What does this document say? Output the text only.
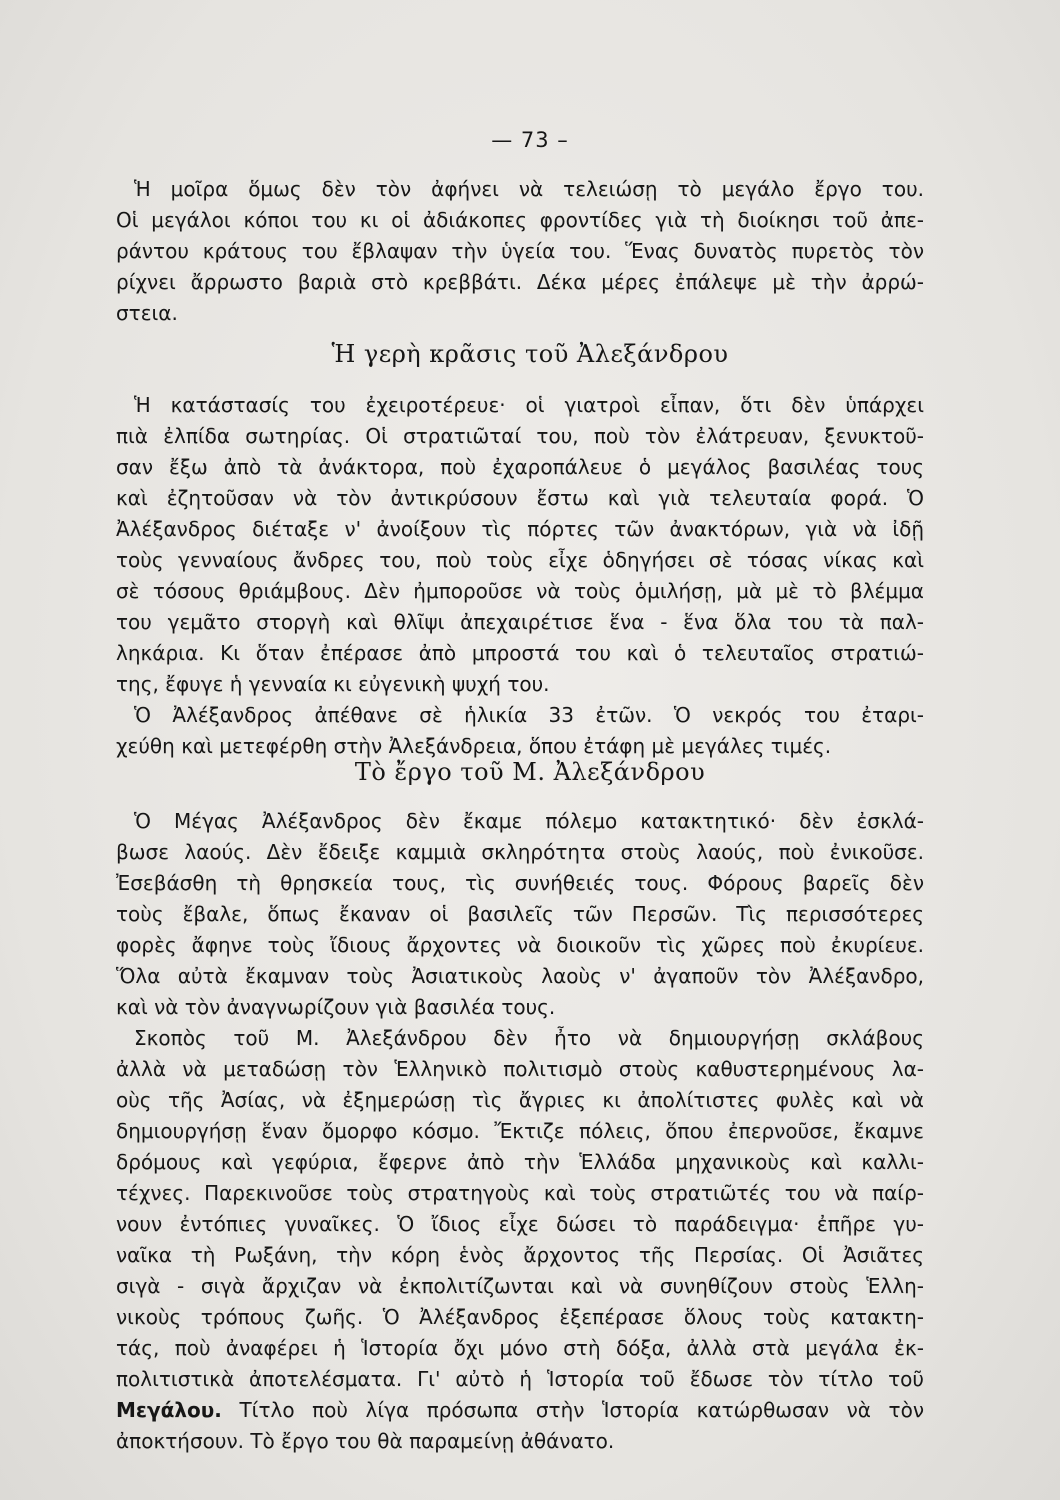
— 73 –
Ἡ μοῖρα ὅμως δὲν τὸν ἀφήνει νὰ τελειώσῃ τὸ μεγάλο ἔργο του.
Οἱ μεγάλοι κόποι του κι οἱ ἀδιάκοπες φροντίδες γιὰ τὴ διοίκησι τοῦ ἀπε-
ράντου κράτους του ἔβλαψαν τὴν ὑγεία του. Ἕνας δυνατὸς πυρετὸς τὸν
ρίχνει ἄρρωστο βαριὰ στὸ κρεββάτι. Δέκα μέρες ἐπάλεψε μὲ τὴν ἀρρώ-
στεια.
Ἡ γερὴ κρᾶσις τοῦ Ἀλεξάνδρου
Ἡ κατάστασίς του ἐχειροτέρευε· οἱ γιατροὶ εἶπαν, ὅτι δὲν ὑπάρχει
πιὰ ἐλπίδα σωτηρίας. Οἱ στρατιῶταί του, ποὺ τὸν ἐλάτρευαν, ξενυκτοῦ-
σαν ἔξω ἀπὸ τὰ ἀνάκτορα, ποὺ ἐχαροπάλευε ὁ μεγάλος βασιλέας τους
καὶ ἐζητοῦσαν νὰ τὸν ἀντικρύσουν ἔστω καὶ γιὰ τελευταία φορά. Ὁ
Ἀλέξανδρος διέταξε ν' ἀνοίξουν τὶς πόρτες τῶν ἀνακτόρων, γιὰ νὰ ἰδῇ
τοὺς γενναίους ἄνδρες του, ποὺ τοὺς εἶχε ὁδηγήσει σὲ τόσας νίκας καὶ
σὲ τόσους θριάμβους. Δὲν ἠμποροῦσε νὰ τοὺς ὁμιλήσῃ, μὰ μὲ τὸ βλέμμα
του γεμᾶτο στοργὴ καὶ θλῖψι ἀπεχαιρέτισε ἕνα - ἕνα ὅλα του τὰ παλ-
ληκάρια. Κι ὅταν ἐπέρασε ἀπὸ μπροστά του καὶ ὁ τελευταῖος στρατιώ-
της, ἔφυγε ἡ γενναία κι εὐγενικὴ ψυχή του.
Ὁ Ἀλέξανδρος ἀπέθανε σὲ ἡλικία 33 ἐτῶν. Ὁ νεκρός του ἐταρι-
χεύθη καὶ μετεφέρθη στὴν Ἀλεξάνδρεια, ὅπου ἐτάφη μὲ μεγάλες τιμές.
Τὸ ἔργο τοῦ Μ. Ἀλεξάνδρου
Ὁ Μέγας Ἀλέξανδρος δὲν ἔκαμε πόλεμο κατακτητικό· δὲν ἐσκλά-
βωσε λαούς. Δὲν ἔδειξε καμμιὰ σκληρότητα στοὺς λαούς, ποὺ ἐνικοῦσε.
Ἐσεβάσθη τὴ θρησκεία τους, τὶς συνήθειές τους. Φόρους βαρεῖς δὲν
τοὺς ἔβαλε, ὅπως ἔκαναν οἱ βασιλεῖς τῶν Περσῶν. Τὶς περισσότερες
φορὲς ἄφηνε τοὺς ἴδιους ἄρχοντες νὰ διοικοῦν τὶς χῶρες ποὺ ἐκυρίευε.
Ὅλα αὐτὰ ἔκαμναν τοὺς Ἀσιατικοὺς λαοὺς ν' ἀγαποῦν τὸν Ἀλέξανδρο,
καὶ νὰ τὸν ἀναγνωρίζουν γιὰ βασιλέα τους.
Σκοπὸς τοῦ Μ. Ἀλεξάνδρου δὲν ἦτο νὰ δημιουργήσῃ σκλάβους
ἀλλὰ νὰ μεταδώσῃ τὸν Ἑλληνικὸ πολιτισμὸ στοὺς καθυστερημένους λα-
οὺς τῆς Ἀσίας, νὰ ἐξημερώσῃ τὶς ἄγριες κι ἀπολίτιστες φυλὲς καὶ νὰ
δημιουργήσῃ ἕναν ὄμορφο κόσμο. Ἔκτιζε πόλεις, ὅπου ἐπερνοῦσε, ἔκαμνε
δρόμους καὶ γεφύρια, ἔφερνε ἀπὸ τὴν Ἑλλάδα μηχανικοὺς καὶ καλλι-
τέχνες. Παρεκινοῦσε τοὺς στρατηγοὺς καὶ τοὺς στρατιῶτές του νὰ παίρ-
νουν ἐντόπιες γυναῖκες. Ὁ ἴδιος εἶχε δώσει τὸ παράδειγμα· ἐπῆρε γυ-
ναῖκα τὴ Ρωξάνη, τὴν κόρη ἑνὸς ἄρχοντος τῆς Περσίας. Οἱ Ἀσιᾶτες
σιγὰ - σιγὰ ἄρχιζαν νὰ ἐκπολιτίζωνται καὶ νὰ συνηθίζουν στοὺς Ἑλλη-
νικοὺς τρόπους ζωῆς. Ὁ Ἀλέξανδρος ἐξεπέρασε ὅλους τοὺς κατακτη-
τάς, ποὺ ἀναφέρει ἡ Ἱστορία ὄχι μόνο στὴ δόξα, ἀλλὰ στὰ μεγάλα ἐκ-
πολιτιστικὰ ἀποτελέσματα. Γι' αὐτὸ ἡ Ἱστορία τοῦ ἔδωσε τὸν τίτλο τοῦ
Μεγάλου. Τίτλο ποὺ λίγα πρόσωπα στὴν Ἱστορία κατώρθωσαν νὰ τὸν
ἀποκτήσουν. Τὸ ἔργο του θὰ παραμείνῃ ἀθάνατο.
